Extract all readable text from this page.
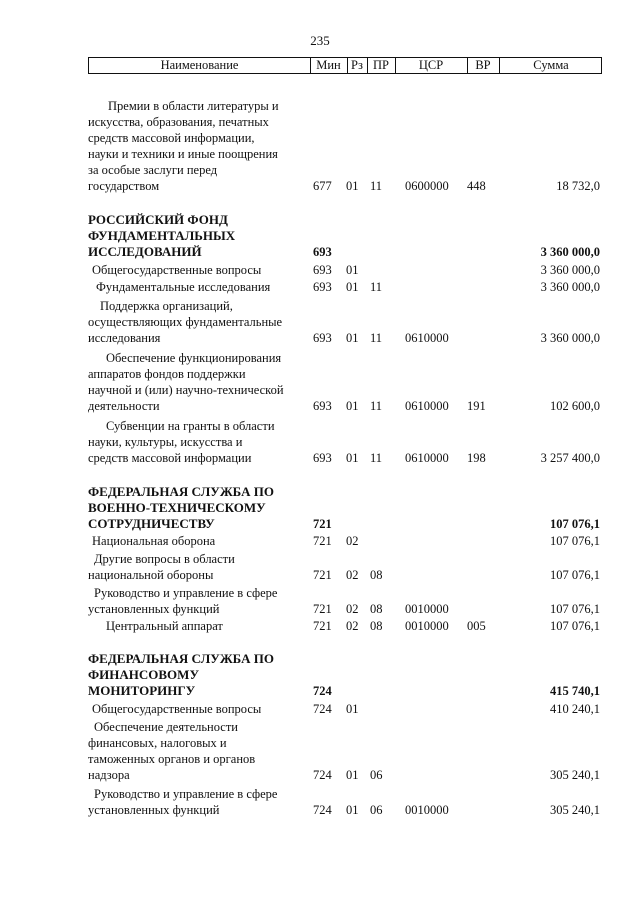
235
Наименование	Мин Рз ПР	ЦСР	ВР	Сумма
Премии в области литературы и
искусства, образования, печатных
средств массовой информации,
науки и техники и иные поощрения
за особые заслуги перед
государством	677 01 11 0600000 448	18 732,0
РОССИЙСКИЙ ФОНД
ФУНДАМЕНТАЛЬНЫХ
ИССЛЕДОВАНИЙ	693	3 360 000,0
Общегосударственные вопросы	693 01	3 360 000,0
Фундаментальные исследования	693 01 11	3 360 000,0
Поддержка организаций,
осуществляющих фундаментальные
исследования	693 01 11 0610000	3 360 000,0
Обеспечение функционирования
аппаратов фондов поддержки
научной и (или) научно-технической
деятельности	693 01 11 0610000 191	102 600,0
Субвенции на гранты в области
науки, культуры, искусства и
средств массовой информации	693 01 11 0610000 198	3 257 400,0
ФЕДЕРАЛЬНАЯ СЛУЖБА ПО
ВОЕННО-ТЕХНИЧЕСКОМУ
СОТРУДНИЧЕСТВУ	721	107 076,1
Национальная оборона	721 02	107 076,1
Другие вопросы в области
национальной обороны	721 02 08	107 076,1
Руководство и управление в сфере
установленных функций	721 02 08 0010000	107 076,1
Центральный аппарат	721 02 08 0010000 005	107 076,1
ФЕДЕРАЛЬНАЯ СЛУЖБА ПО
ФИНАНСОВОМУ
МОНИТОРИНГУ	724	415 740,1
Общегосударственные вопросы	724 01	410 240,1
Обеспечение деятельности
финансовых, налоговых и
таможенных органов и органов
надзора	724 01 06	305 240,1
Руководство и управление в сфере
установленных функций	724 01 06 0010000	305 240,1
